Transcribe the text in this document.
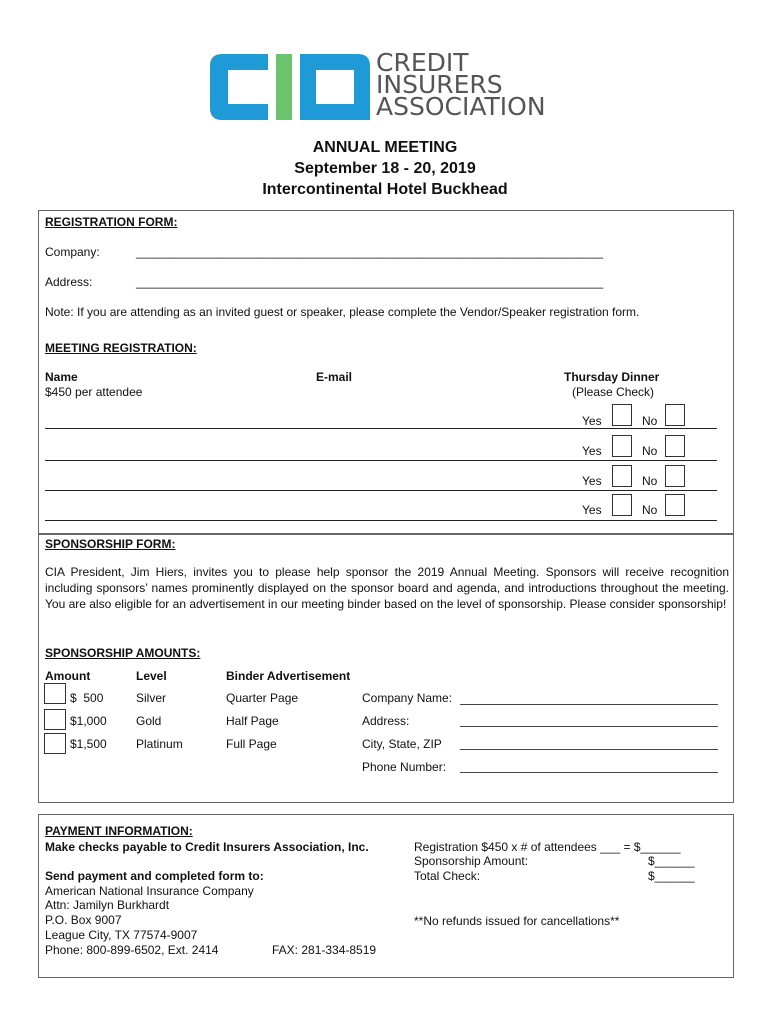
CREDIT
INSURERS
ASSOCIATION
ANNUAL MEETING
September 18 - 20, 2019
Intercontinental Hotel Buckhead
REGISTRATION FORM:
Company:	______________________________________________________________________
Address:	______________________________________________________________________
Note: If you are attending as an invited guest or speaker, please complete the Vendor/Speaker registration form.
MEETING REGISTRATION:
Name
$450 per attendee
E-mail	Thursday Dinner
(Please Check)
Yes	No
Yes	No
Yes	No
Yes	No
SPONSORSHIP FORM:
CIA President, Jim Hiers, invites you to please help sponsor the 2019 Annual Meeting. Sponsors will receive recognition including sponsors’ names prominently displayed on the sponsor board and agenda, and introductions throughout the meeting. You are also eligible for an advertisement in our meeting binder based on the level of sponsorship. Please consider sponsorship!
SPONSORSHIP AMOUNTS:
Amount	Level	Binder Advertisement
$  500	Silver	Quarter Page
$1,000 Gold	Half Page
$1,500 Platinum	Full Page
Company Name:
Address:
City, State, ZIP
Phone Number:
PAYMENT INFORMATION:
Make checks payable to Credit Insurers Association, Inc.
Send payment and completed form to:
American National Insurance Company
Attn: Jamilyn Burkhardt
P.O. Box 9007
League City, TX 77574-9007
Phone: 800-899-6502, Ext. 2414	FAX: 281-334-8519
Registration $450 x # of attendees ___ = $______
Sponsorship Amount:	$______
Total Check:	$______
**No refunds issued for cancellations**
